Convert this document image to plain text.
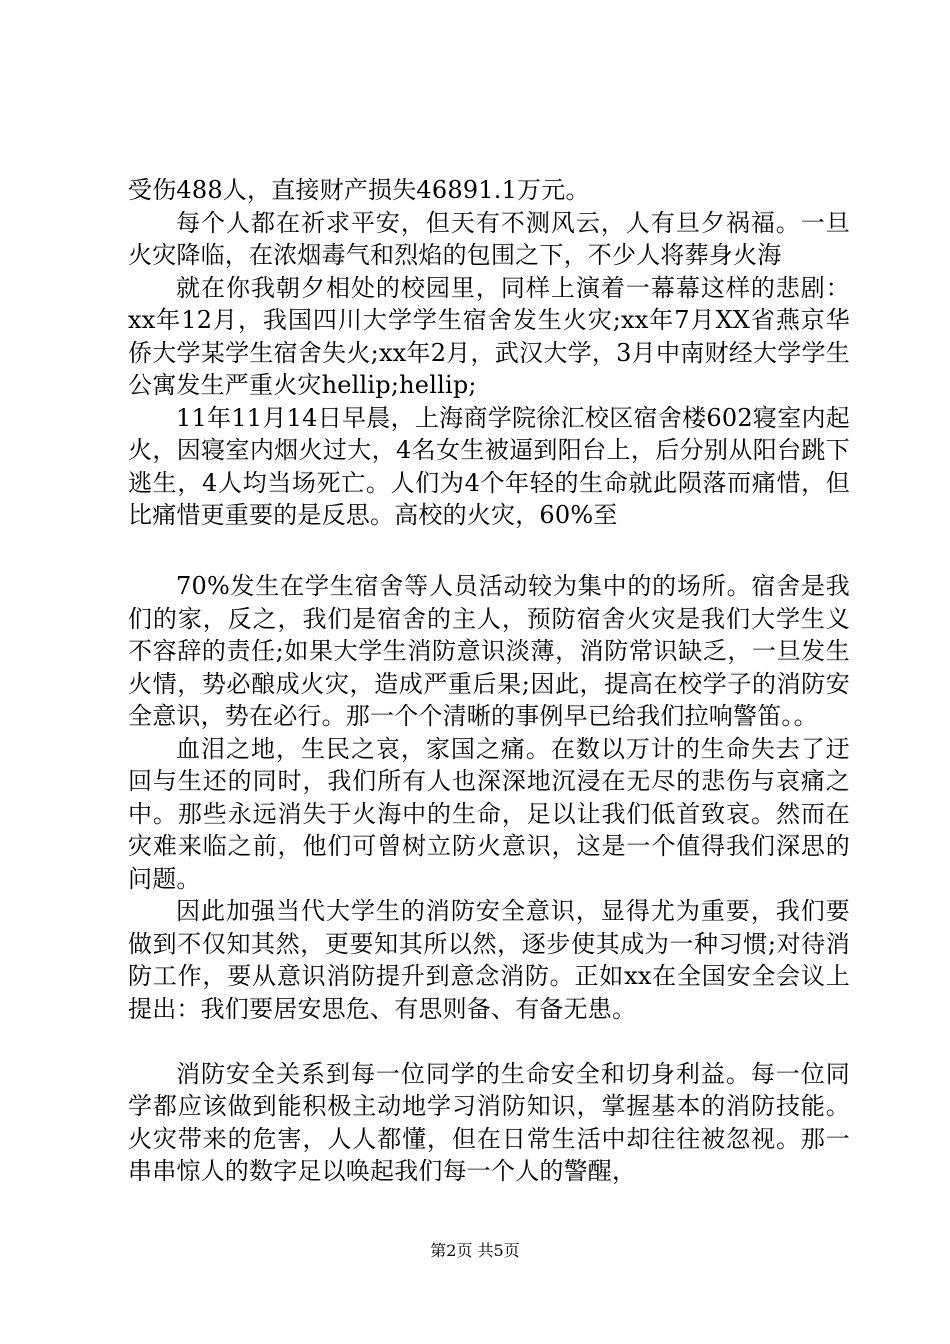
受伤488人，直接财产损失46891.1万元。

每个人都在祈求平安，但天有不测风云，人有旦夕祸福。一旦火灾降临，在浓烟毒气和烈焰的包围之下，不少人将葬身火海

就在你我朝夕相处的校园里，同样上演着一幕幕这样的悲剧：xx年12月，我国四川大学学生宿舍发生火灾;xx年7月XX省燕京华侨大学某学生宿舍失火;xx年2月，武汉大学，3月中南财经大学学生公寓发生严重火灾hellip;hellip;

11年11月14日早晨，上海商学院徐汇校区宿舍楼602寝室内起火，因寝室内烟火过大，4名女生被逼到阳台上，后分别从阳台跳下逃生，4人均当场死亡。人们为4个年轻的生命就此陨落而痛惜，但比痛惜更重要的是反思。高校的火灾，60%至

70%发生在学生宿舍等人员活动较为集中的的场所。宿舍是我们的家，反之，我们是宿舍的主人，预防宿舍火灾是我们大学生义不容辞的责任;如果大学生消防意识淡薄，消防常识缺乏，一旦发生火情，势必酿成火灾，造成严重后果;因此，提高在校学子的消防安全意识，势在必行。那一个个清晰的事例早已给我们拉响警笛。。

血泪之地，生民之哀，家国之痛。在数以万计的生命失去了迂回与生还的同时，我们所有人也深深地沉浸在无尽的悲伤与哀痛之中。那些永远消失于火海中的生命，足以让我们低首致哀。然而在灾难来临之前，他们可曾树立防火意识，这是一个值得我们深思的问题。

因此加强当代大学生的消防安全意识，显得尤为重要，我们要做到不仅知其然，更要知其所以然，逐步使其成为一种习惯;对待消防工作，要从意识消防提升到意念消防。正如xx在全国安全会议上提出：我们要居安思危、有思则备、有备无患。

消防安全关系到每一位同学的生命安全和切身利益。每一位同学都应该做到能积极主动地学习消防知识，掌握基本的消防技能。火灾带来的危害，人人都懂，但在日常生活中却往往被忽视。那一串串惊人的数字足以唤起我们每一个人的警醒，

第2页 共5页
